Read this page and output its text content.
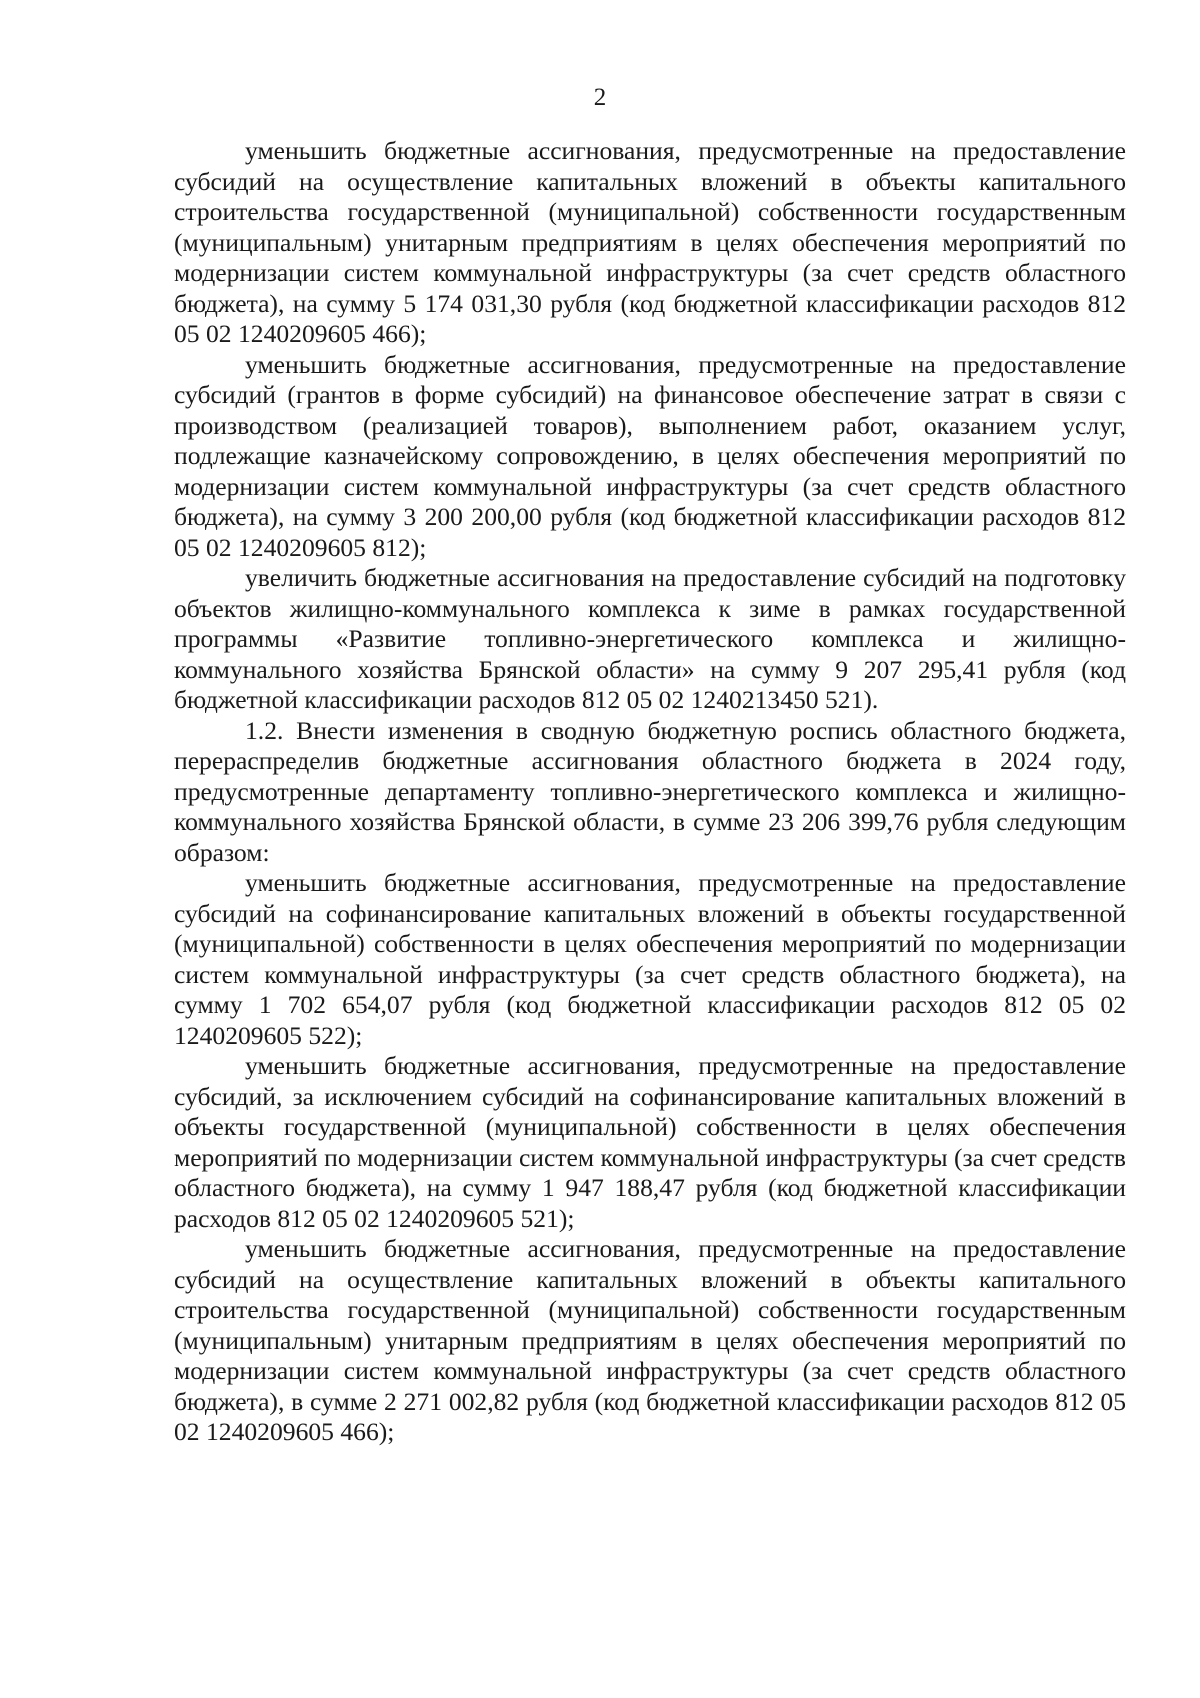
2

уменьшить бюджетные ассигнования, предусмотренные на предоставление субсидий на осуществление капитальных вложений в объекты капитального строительства государственной (муниципальной) собственности государственным (муниципальным) унитарным предприятиям в целях обеспечения мероприятий по модернизации систем коммунальной инфраструктуры (за счет средств областного бюджета), на сумму 5 174 031,30 рубля (код бюджетной классификации расходов 812 05 02 1240209605 466);

уменьшить бюджетные ассигнования, предусмотренные на предоставление субсидий (грантов в форме субсидий) на финансовое обеспечение затрат в связи с производством (реализацией товаров), выполнением работ, оказанием услуг, подлежащие казначейскому сопровождению, в целях обеспечения мероприятий по модернизации систем коммунальной инфраструктуры (за счет средств областного бюджета), на сумму 3 200 200,00 рубля (код бюджетной классификации расходов 812 05 02 1240209605 812);

увеличить бюджетные ассигнования на предоставление субсидий на подготовку объектов жилищно-коммунального комплекса к зиме в рамках государственной программы «Развитие топливно-энергетического комплекса и жилищно-коммунального хозяйства Брянской области» на сумму 9 207 295,41 рубля (код бюджетной классификации расходов 812 05 02 1240213450 521).

1.2. Внести изменения в сводную бюджетную роспись областного бюджета, перераспределив бюджетные ассигнования областного бюджета в 2024 году, предусмотренные департаменту топливно-энергетического комплекса и жилищно-коммунального хозяйства Брянской области, в сумме 23 206 399,76 рубля следующим образом:

уменьшить бюджетные ассигнования, предусмотренные на предоставление субсидий на софинансирование капитальных вложений в объекты государственной (муниципальной) собственности в целях обеспечения мероприятий по модернизации систем коммунальной инфраструктуры (за счет средств областного бюджета), на сумму 1 702 654,07 рубля (код бюджетной классификации расходов 812 05 02 1240209605 522);

уменьшить бюджетные ассигнования, предусмотренные на предоставление субсидий, за исключением субсидий на софинансирование капитальных вложений в объекты государственной (муниципальной) собственности в целях обеспечения мероприятий по модернизации систем коммунальной инфраструктуры (за счет средств областного бюджета), на сумму 1 947 188,47 рубля (код бюджетной классификации расходов 812 05 02 1240209605 521);

уменьшить бюджетные ассигнования, предусмотренные на предоставление субсидий на осуществление капитальных вложений в объекты капитального строительства государственной (муниципальной) собственности государственным (муниципальным) унитарным предприятиям в целях обеспечения мероприятий по модернизации систем коммунальной инфраструктуры (за счет средств областного бюджета), в сумме 2 271 002,82 рубля (код бюджетной классификации расходов 812 05 02 1240209605 466);
